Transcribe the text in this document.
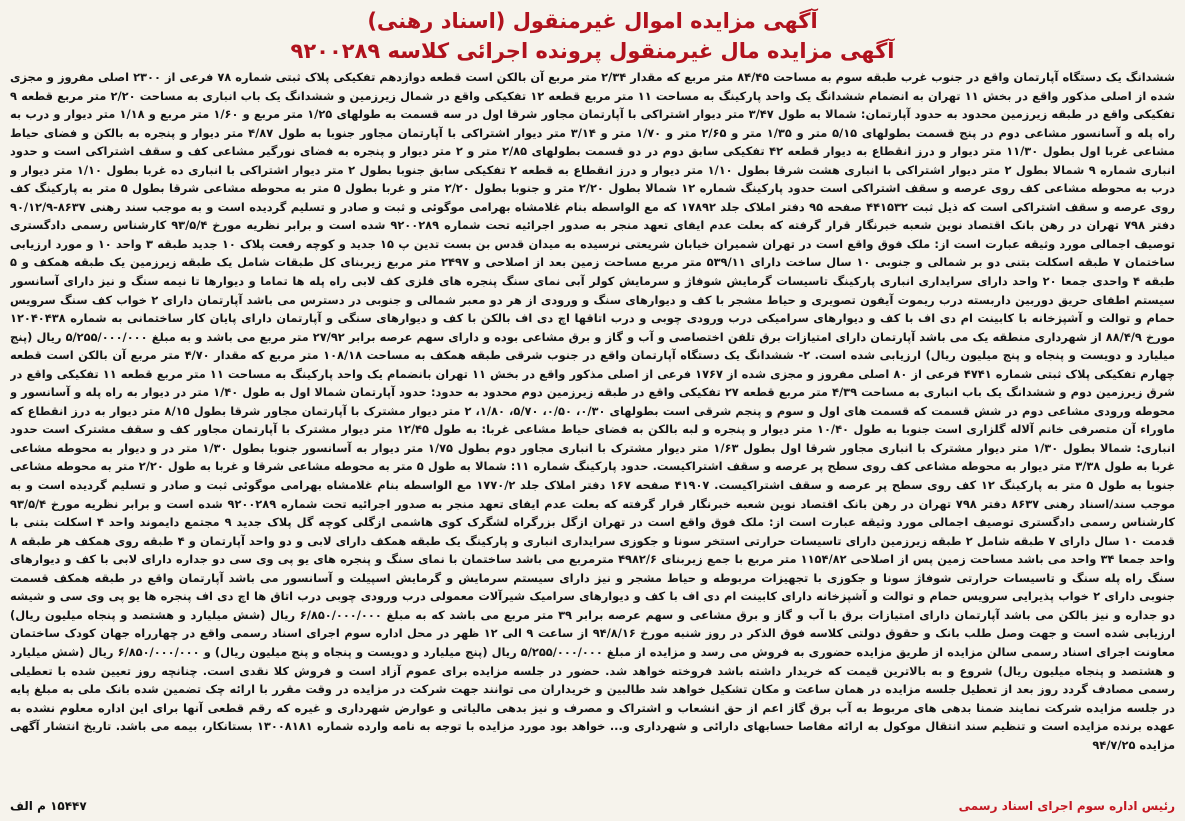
آگهی مزایده اموال غیرمنقول (اسناد رهنی)
آگهی مزایده مال غیرمنقول پرونده اجرائی کلاسه ۹۲۰۰۲۸۹

ششدانگ یک دستگاه آپارتمان واقع در جنوب غرب طبقه سوم به مساحت ۸۴/۴۵ متر مربع که مقدار ۲/۳۴ متر مربع آن بالکن است قطعه دوازدهم تفکیکی پلاک ثبتی شماره ۷۸ فرعی از ۲۳۰۰ اصلی مفروز و مجزی شده از اصلی مذکور واقع در بخش ۱۱ تهران به انضمام ششدانگ یک واحد پارکینگ به مساحت ۱۱ متر مربع قطعه ۱۲ تفکیکی واقع در شمال زیرزمین و ششدانگ یک باب انباری به مساحت ۲/۲۰ متر مربع قطعه ۹ تفکیکی واقع در طبقه زیرزمین محدود به حدود آپارتمان: شمالا به طول ۳/۴۷ متر دیوار اشتراکی با آپارتمان مجاور شرقا اول در سه قسمت به طولهای ۱/۲۵ متر مربع و ۱/۶۰ متر مربع و ۱/۱۸ متر دیوار و درب به راه پله و آسانسور مشاعی دوم در پنج قسمت بطولهای ۵/۱۵ متر و ۱/۳۵ متر و ۲/۶۵ متر و ۱/۷۰ متر و ۳/۱۴ متر دیوار اشتراکی با آپارتمان مجاور جنوبا به طول ۴/۸۷ متر دیوار و پنجره به بالکن و فضای حیاط مشاعی غربا اول بطول ۱۱/۳۰ متر دیوار و درز انقطاع به دیوار قطعه ۴۲ تفکیکی سابق دوم در دو قسمت بطولهای ۲/۸۵ متر و ۲ متر دیوار و پنجره به فضای نورگیر مشاعی کف و سقف اشتراکی است و حدود انباری شماره ۹ شمالا بطول ۲ متر دیوار اشتراکی با انباری هشت شرقا بطول ۱/۱۰ متر دیوار و درز انقطاع به قطعه ۲ تفکیکی سابق جنوبا بطول ۲ متر دیوار اشتراکی با انباری ده غربا بطول ۱/۱۰ متر دیوار و درب به محوطه مشاعی کف روی عرصه و سقف اشتراکی است حدود پارکینگ شماره ۱۲ شمالا بطول ۲/۲۰ متر و جنوبا بطول ۲/۲۰ متر و غربا بطول ۵ متر به محوطه مشاعی شرقا بطول ۵ متر به پارکینگ کف روی عرصه و سقف اشتراکی است که ذیل ثبت ۴۴۱۵۳۲ صفحه ۹۵ دفتر املاک جلد ۱۷۸۹۲ که مع الواسطه بنام غلامشاه بهرامی موگوئی و ثبت و صادر و تسلیم گردیده است و به موجب سند رهنی ۸۶۳۷-۹۰/۱۲/۹ دفتر ۷۹۸ تهران در رهن بانک اقتصاد نوین شعبه خبرنگار قرار گرفته که بعلت عدم ایفای تعهد منجر به صدور اجرائیه تحت شماره ۹۲۰۰۲۸۹ شده است و برابر نظریه مورخ ۹۳/۵/۴ کارشناس رسمی دادگستری توصیف اجمالی مورد وثیقه عبارت است از: ملک فوق واقع است در تهران شمیران خیابان شریعتی نرسیده به میدان قدس بن بست تدین پ ۱۵ جدید و کوچه رفعت پلاک ۱۰ جدید طبقه ۳ واحد ۱۰ و مورد ارزیابی ساختمان ۷ طبقه اسکلت بتنی دو بر شمالی و جنوبی ۱۰ سال ساخت دارای ۵۳۹/۱۱ متر مربع مساحت زمین بعد از اصلاحی و ۲۴۹۷ متر مربع زیربنای کل طبقات شامل یک طبقه زیرزمین یک طبقه همکف و ۵ طبقه ۴ واحدی جمعا ۲۰ واحد دارای سرایداری انباری پارکینگ تاسیسات گرمایش شوفاژ و سرمایش کولر آبی نمای سنگ پنجره های فلزی کف لابی راه پله ها تماما و دیوارها تا نیمه سنگ و نیز دارای آسانسور سیستم اطفای حریق دوربین داربسته درب ریموت آیفون تصویری و حیاط مشجر با کف و دیوارهای سنگ و ورودی از هر دو معبر شمالی و جنوبی در دسترس می باشد آپارتمان دارای ۲ خواب کف سنگ سرویس حمام و توالت و آشپزخانه با کابینت ام دی اف با کف و دیوارهای سرامیکی درب ورودی چوبی و درب اتاقها اچ دی اف بالکن با کف و دیوارهای سنگی و آپارتمان دارای پایان کار ساختمانی به شماره ۱۲۰۴۰۴۳۸ مورخ ۸۸/۴/۹ از شهرداری منطقه یک می باشد آپارتمان دارای امتیازات برق تلفن اختصاصی و آب و گاز و برق مشاعی بوده و دارای سهم عرصه برابر ۲۷/۹۲ متر مربع می باشد و به مبلغ ۵/۲۵۵/۰۰۰/۰۰۰ ریال (پنج میلیارد و دویست و پنجاه و پنج میلیون ریال) ارزیابی شده است. ۲- ششدانگ یک دستگاه آپارتمان واقع در جنوب شرقی طبقه همکف به مساحت ۱۰۸/۱۸ متر مربع که مقدار ۴/۷۰ متر مربع آن بالکن است قطعه چهارم تفکیکی پلاک ثبتی شماره ۴۷۴۱ فرعی از ۸۰ اصلی مفروز و مجزی شده از ۱۷۶۷ فرعی از اصلی مذکور واقع در بخش ۱۱ تهران بانضمام یک واحد پارکینگ به مساحت ۱۱ متر مربع قطعه ۱۱ تفکیکی واقع در شرق زیرزمین دوم و ششدانگ یک باب انباری به مساحت ۴/۳۹ متر مربع قطعه ۲۷ تفکیکی واقع در طبقه زیرزمین دوم محدود به حدود: حدود آپارتمان شمالا اول به طول ۱/۴۰ متر در دیوار به راه پله و آسانسور و محوطه ورودی مشاعی دوم در شش قسمت که قسمت های اول و سوم و پنجم شرقی است بطولهای ۰/۳۰، ۰/۵۰، ۵/۷۰، ۱/۸۰، ۲ متر دیوار مشترک با آپارتمان مجاور شرقا بطول ۸/۱۵ متر دیوار به درز انقطاع که ماوراء آن متصرفی خانم آلاله گلزاری است جنوبا به طول ۱۰/۴۰ متر دیوار و پنجره و لبه بالکن به فضای حیاط مشاعی غربا: به طول ۱۲/۴۵ متر دیوار مشترک با آپارتمان مجاور کف و سقف مشترک است حدود انباری: شمالا بطول ۱/۳۰ متر دیوار مشترک با انباری مجاور شرقا اول بطول ۱/۶۳ متر دیوار مشترک با انباری مجاور دوم بطول ۱/۷۵ متر دیوار به آسانسور جنوبا بطول ۱/۳۰ متر در و دیوار به محوطه مشاعی غربا به طول ۳/۳۸ متر دیوار به محوطه مشاعی کف روی سطح پر عرصه و سقف اشتراکیست. حدود پارکینگ شماره ۱۱: شمالا به طول ۵ متر به محوطه مشاعی شرقا و غربا به طول ۲/۲۰ متر به محوطه مشاعی جنوبا به طول ۵ متر به پارکینگ ۱۲ کف روی سطح پر عرصه و سقف اشتراکیست. ۴۱۹۰۷ صفحه ۱۶۷ دفتر املاک جلد ۱۷۷۰/۲ مع الواسطه بنام غلامشاه بهرامی موگوئی ثبت و صادر و تسلیم گردیده است و به موجب سند/اسناد رهنی ۸۶۳۷ دفتر ۷۹۸ تهران در رهن بانک اقتصاد نوین شعبه خبرنگار قرار گرفته که بعلت عدم ایفای تعهد منجر به صدور اجرائیه تحت شماره ۹۲۰۰۲۸۹ شده است و برابر نظریه مورخ ۹۳/۵/۴ کارشناس رسمی دادگستری توصیف اجمالی مورد وثیقه عبارت است از: ملک فوق واقع است در تهران ازگل بزرگراه لشگرک کوی هاشمی ازگلی کوچه گل پلاک جدید ۹ مجتمع دایموند واحد ۴ اسکلت بتنی با قدمت ۱۰ سال دارای ۷ طبقه شامل ۲ طبقه زیرزمین دارای تاسیسات حرارتی استخر سونا و جکوزی سرایداری انباری و پارکینگ یک طبقه همکف دارای لابی و دو واحد آپارتمان و ۴ طبقه روی همکف هر طبقه ۸ واحد جمعا ۳۴ واحد می باشد مساحت زمین پس از اصلاحی ۱۱۵۴/۸۲ متر مربع با جمع زیربنای ۴۹۸۲/۶ مترمربع می باشد ساختمان با نمای سنگ و پنجره های یو پی وی سی دو جداره دارای لابی با کف و دیوارهای سنگ راه پله سنگ و تاسیسات حرارتی شوفاژ سونا و جکوزی با تجهیزات مربوطه و حیاط مشجر و نیز دارای سیستم سرمایش و گرمایش اسپیلت و آسانسور می باشد آپارتمان واقع در طبقه همکف قسمت جنوبی دارای ۲ خواب پذیرایی سرویس حمام و توالت و آشپزخانه دارای کابینت ام دی اف با کف و دیوارهای سرامیک شیرآلات معمولی درب ورودی چوبی درب اتاق ها اچ دی اف پنجره ها یو پی وی سی و شیشه دو جداره و نیز بالکن می باشد آپارتمان دارای امتیازات برق با آب و گاز و برق مشاعی و سهم عرصه برابر ۳۹ متر مربع می باشد که به مبلغ ۶/۸۵۰/۰۰۰/۰۰۰ ریال (شش میلیارد و هشتصد و پنجاه میلیون ریال) ارزیابی شده است و جهت وصل طلب بانک و حقوق دولتی کلاسه فوق الذکر در روز شنبه مورخ ۹۴/۸/۱۶ از ساعت ۹ الی ۱۲ ظهر در محل اداره سوم اجرای اسناد رسمی واقع در چهارراه جهان کودک ساختمان معاونت اجرای اسناد رسمی سالن مزایده از طریق مزایده حضوری به فروش می رسد و مزایده از مبلغ ۵/۲۵۵/۰۰۰/۰۰۰ ریال (پنج میلیارد و دویست و پنجاه و پنج میلیون ریال) و ۶/۸۵۰/۰۰۰/۰۰۰ ریال (شش میلیارد و هشتصد و پنجاه میلیون ریال) شروع و به بالاترین قیمت که خریدار داشته باشد فروخته خواهد شد. حضور در جلسه مزایده برای عموم آزاد است و فروش کلا نقدی است. چنانچه روز تعیین شده با تعطیلی رسمی مصادف گردد روز بعد از تعطیل جلسه مزایده در همان ساعت و مکان تشکیل خواهد شد طالبین و خریداران می توانند جهت شرکت در مزایده در وقت مقرر با ارائه چک تضمین شده بانک ملی به مبلغ پایه در جلسه مزایده شرکت نمایند ضمنا بدهی های مربوط به آب برق گاز اعم از حق انشعاب و اشتراک و مصرف و نیز بدهی مالیاتی و عوارض شهرداری و غیره که رقم قطعی آنها برای این اداره معلوم نشده به عهده برنده مزایده است و تنظیم سند انتقال موکول به ارائه مفاصا حسابهای دارائی و شهرداری و... خواهد بود مورد مزایده با توجه به نامه وارده شماره ۱۳۰۰۸۱۸۱ بستانکار، بیمه می باشد. تاریخ انتشار آگهی مزایده ۹۴/۷/۲۵

رئیس اداره سوم اجرای اسناد رسمی
۱۵۴۴۷ م الف
